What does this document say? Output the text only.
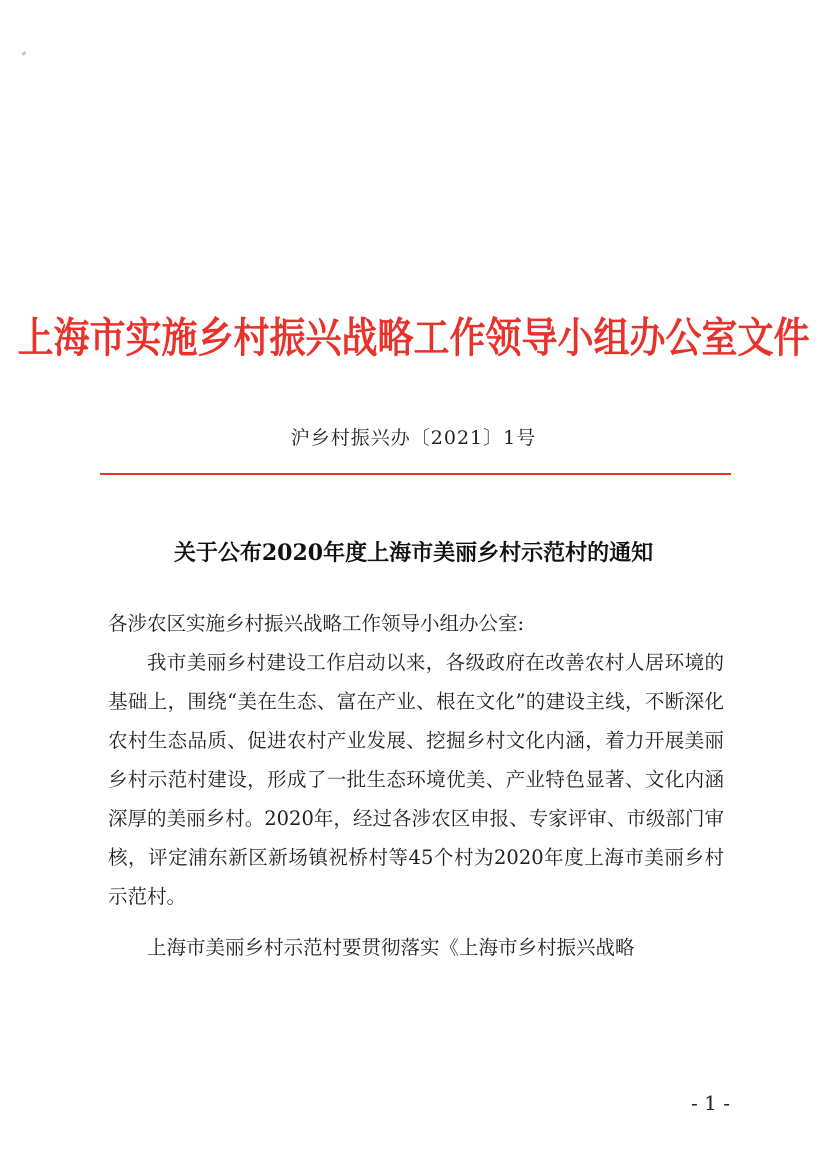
上海市实施乡村振兴战略工作领导小组办公室文件
沪乡村振兴办〔2021〕1号
关于公布2020年度上海市美丽乡村示范村的通知

各涉农区实施乡村振兴战略工作领导小组办公室:

我市美丽乡村建设工作启动以来，各级政府在改善农村人居环境的基础上，围绕“美在生态、富在产业、根在文化”的建设主线，不断深化农村生态品质、促进农村产业发展、挖掘乡村文化内涵，着力开展美丽乡村示范村建设，形成了一批生态环境优美、产业特色显著、文化内涵深厚的美丽乡村。2020年，经过各涉农区申报、专家评审、市级部门审核，评定浦东新区新场镇祝桥村等45个村为2020年度上海市美丽乡村示范村。

上海市美丽乡村示范村要贯彻落实《上海市乡村振兴战略

- 1 -
